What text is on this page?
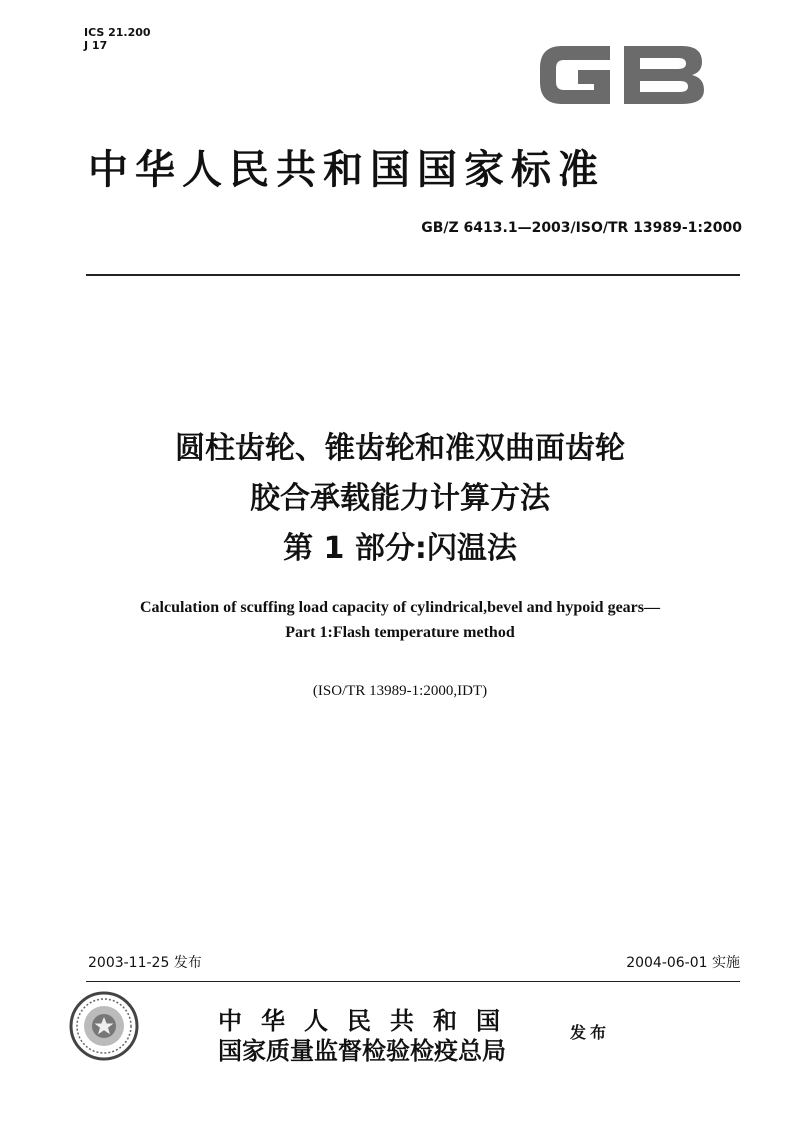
ICS 21.200
J 17
中华人民共和国国家标准
GB/Z 6413.1—2003/ISO/TR 13989-1:2000
圆柱齿轮、锥齿轮和准双曲面齿轮
胶合承载能力计算方法
第 1 部分:闪温法
Calculation of scuffing load capacity of cylindrical,bevel and hypoid gears—
Part 1:Flash temperature method
(ISO/TR 13989-1:2000,IDT)
2003-11-25 发布	2004-06-01 实施
中华人民共和国
国家质量监督检验检疫总局
发布
